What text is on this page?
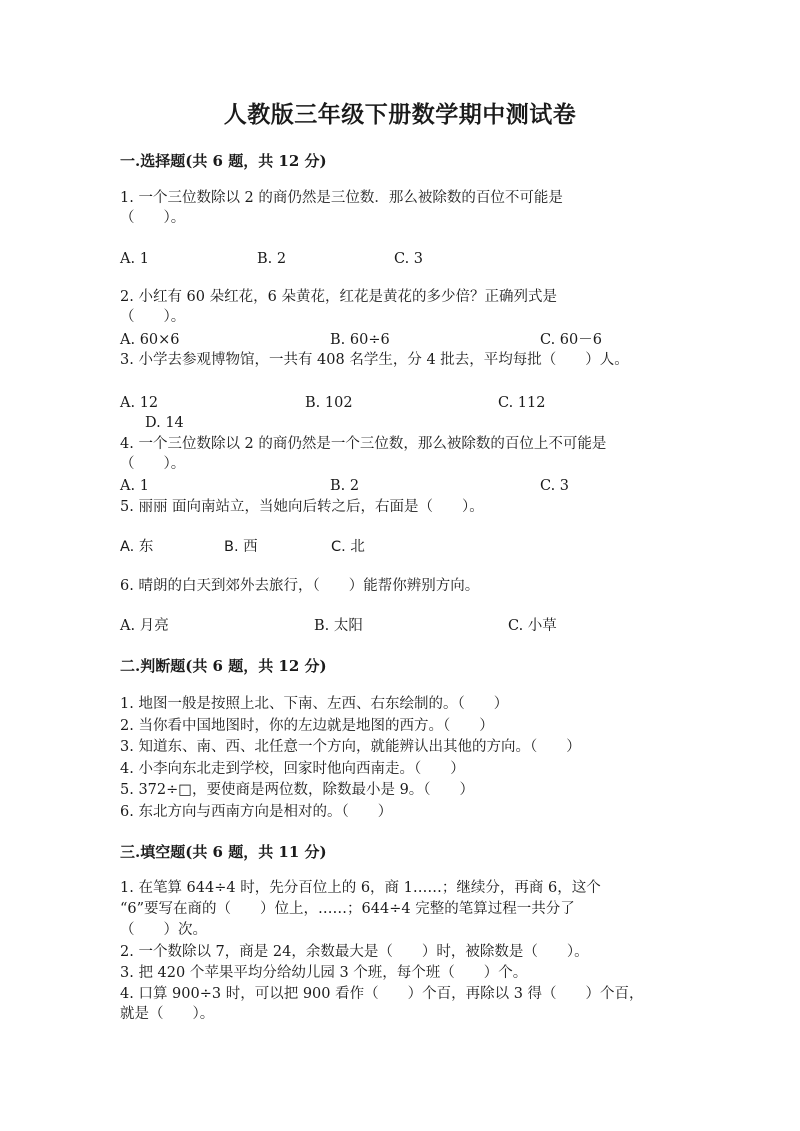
人教版三年级下册数学期中测试卷
一.选择题(共 6 题，共 12 分)
1. 一个三位数除以 2 的商仍然是三位数．那么被除数的百位不可能是
（　　）。
A. 1	B. 2	C. 3
2. 小红有 60 朵红花，6 朵黄花，红花是黄花的多少倍？正确列式是
（　　）。
A. 60×6	B. 60÷6	C. 60－6
3. 小学去参观博物馆，一共有 408 名学生，分 4 批去，平均每批（　　）人。
A. 12	B. 102	C. 112
D. 14
4. 一个三位数除以 2 的商仍然是一个三位数，那么被除数的百位上不可能是
（　　）。
A. 1	B. 2	C. 3
5. 丽丽 面向南站立，当她向后转之后，右面是（　　）。
A. 东	B. 西	C. 北
6. 晴朗的白天到郊外去旅行，（　　）能帮你辨别方向。
A. 月亮	B. 太阳	C. 小草
二.判断题(共 6 题，共 12 分)
1. 地图一般是按照上北、下南、左西、右东绘制的。（　　）
2. 当你看中国地图时，你的左边就是地图的西方。（　　）
3. 知道东、南、西、北任意一个方向，就能辨认出其他的方向。（　　）
4. 小李向东北走到学校，回家时他向西南走。（　　）
5. 372÷□，要使商是两位数，除数最小是 9。（　　）
6. 东北方向与西南方向是相对的。（　　）
三.填空题(共 6 题，共 11 分)
1. 在笔算 644÷4 时，先分百位上的 6，商 1……；继续分，再商 6，这个
“6”要写在商的（　　）位上，……；644÷4 完整的笔算过程一共分了
（　　）次。
2. 一个数除以 7，商是 24，余数最大是（　　）时，被除数是（　　）。
3. 把 420 个苹果平均分给幼儿园 3 个班，每个班（　　）个。
4. 口算 900÷3 时，可以把 900 看作（　　）个百，再除以 3 得（　　）个百，
就是（　　）。
